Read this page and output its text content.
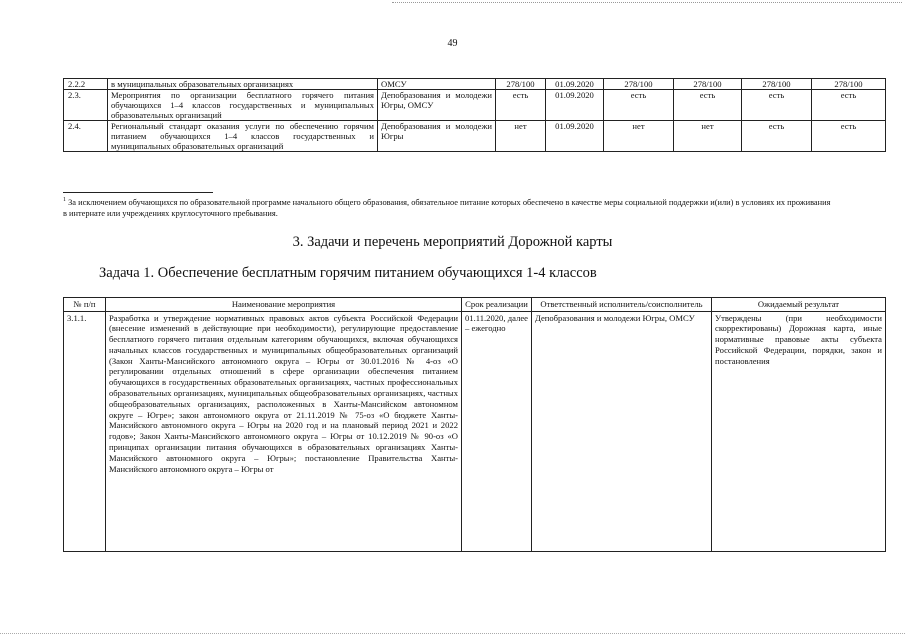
49
2.2.2	в муниципальных образовательных организациях	ОМСУ	278/100	01.09.2020	278/100	278/100	278/100	278/100
2.3.	Мероприятия по организации бесплатного горячего питания обучающихся 1–4 классов государственных и муниципальных образовательных организаций	Депобразования и молодежи Югры, ОМСУ	есть	01.09.2020	есть	есть	есть	есть
2.4.	Региональный стандарт оказания услуги по обеспечению горячим питанием обучающихся 1–4 классов государственных и муниципальных образовательных организаций	Депобразования и молодежи Югры	нет	01.09.2020	нет	нет	есть	есть
$^1$ За исключением обучающихся по образовательной программе начального общего образования, обязательное питание которых обеспечено в качестве меры социальной поддержки и(или) в условиях их проживания в интернате или учреждениях круглосуточного пребывания.
3. Задачи и перечень мероприятий Дорожной карты
Задача 1. Обеспечение бесплатным горячим питанием обучающихся 1-4 классов
№ п/п	Наименование мероприятия	Срок реализации	Ответственный исполнитель/соисполнитель	Ожидаемый результат
3.1.1.	Разработка и утверждение нормативных правовых актов субъекта Российской Федерации (внесение изменений в действующие при необходимости), регулирующие предоставление бесплатного горячего питания отдельным категориям обучающихся, включая обучающихся начальных классов государственных и муниципальных общеобразовательных организаций (Закон Ханты-Мансийского автономного округа – Югры от 30.01.2016 № 4-оз «О регулировании отдельных отношений в сфере организации обеспечения питанием обучающихся в государственных образовательных организациях, частных профессиональных образовательных организациях, муниципальных общеобразовательных организациях, частных общеобразовательных организациях, расположенных в Ханты-Мансийском автономном округе – Югре»; закон автономного округа от 21.11.2019 № 75-оз «О бюджете Ханты-Мансийского автономного округа – Югры на 2020 год и на плановый период 2021 и 2022 годов»; Закон Ханты-Мансийского автономного округа – Югры от 10.12.2019 № 90-оз «О принципах организации питания обучающихся в образовательных организациях Ханты-Мансийского автономного округа – Югры»; постановление Правительства Ханты-Мансийского автономного округа – Югры от	01.11.2020, далее – ежегодно	Депобразования и молодежи Югры, ОМСУ	Утверждены (при необходимости скорректированы) Дорожная карта, иные нормативные правовые акты субъекта Российской Федерации, порядки, закон и постановления
